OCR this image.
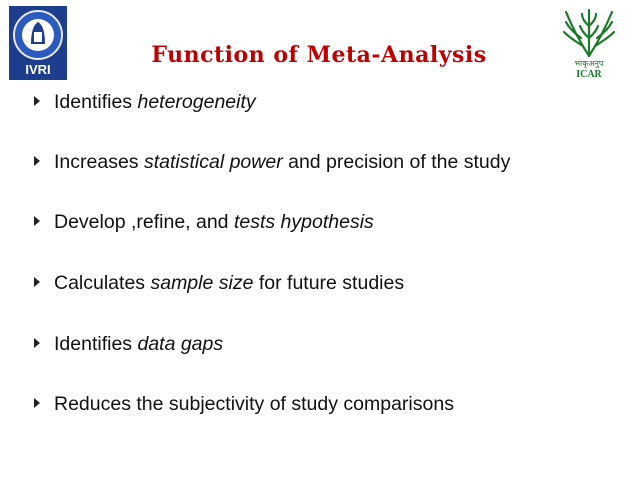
IVRI	भाकृअनुप
ICAR
Function of Meta-Analysis
Identifies heterogeneity
Increases statistical power and precision of the study
Develop ,refine, and tests hypothesis
Calculates sample size for future studies
Identifies data gaps
Reduces the subjectivity of study comparisons
